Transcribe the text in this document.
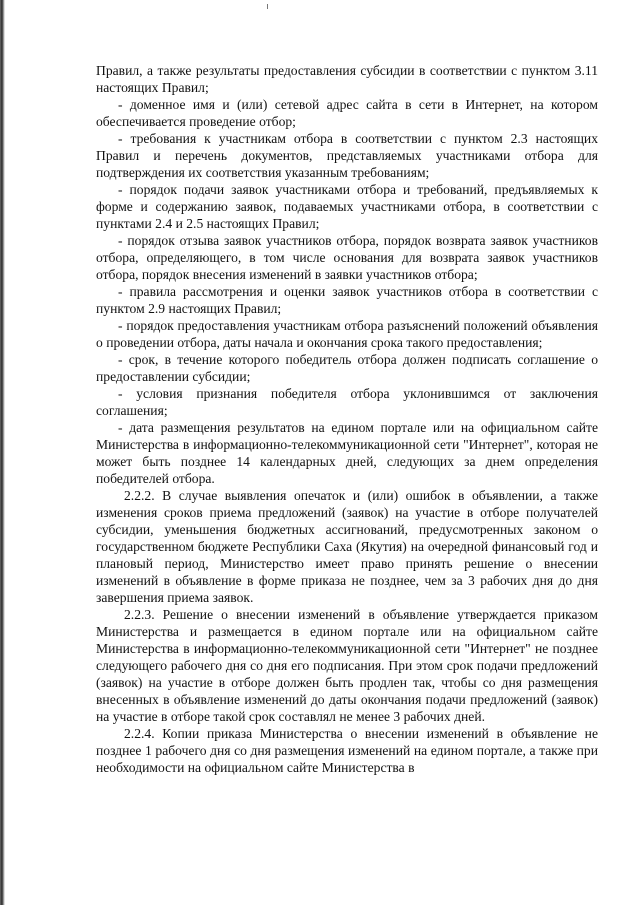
Правил, а также результаты предоставления субсидии в соответствии с пунктом 3.11 настоящих Правил;

- доменное имя и (или) сетевой адрес сайта в сети в Интернет, на котором обеспечивается проведение отбор;

- требования к участникам отбора в соответствии с пунктом 2.3 настоящих Правил и перечень документов, представляемых участниками отбора для подтверждения их соответствия указанным требованиям;

- порядок подачи заявок участниками отбора и требований, предъявляемых к форме и содержанию заявок, подаваемых участниками отбора, в соответствии с пунктами 2.4 и 2.5 настоящих Правил;

- порядок отзыва заявок участников отбора, порядок возврата заявок участников отбора, определяющего, в том числе основания для возврата заявок участников отбора, порядок внесения изменений в заявки участников отбора;

- правила рассмотрения и оценки заявок участников отбора в соответствии с пунктом 2.9 настоящих Правил;

- порядок предоставления участникам отбора разъяснений положений объявления о проведении отбора, даты начала и окончания срока такого предоставления;

- срок, в течение которого победитель отбора должен подписать соглашение о предоставлении субсидии;

- условия признания победителя отбора уклонившимся от заключения соглашения;

- дата размещения результатов на едином портале или на официальном сайте Министерства в информационно-телекоммуникационной сети "Интернет", которая не может быть позднее 14 календарных дней, следующих за днем определения победителей отбора.

2.2.2. В случае выявления опечаток и (или) ошибок в объявлении, а также изменения сроков приема предложений (заявок) на участие в отборе получателей субсидии, уменьшения бюджетных ассигнований, предусмотренных законом о государственном бюджете Республики Саха (Якутия) на очередной финансовый год и плановый период, Министерство имеет право принять решение о внесении изменений в объявление в форме приказа не позднее, чем за 3 рабочих дня до дня завершения приема заявок.

2.2.3. Решение о внесении изменений в объявление утверждается приказом Министерства и размещается в едином портале или на официальном сайте Министерства в информационно-телекоммуникационной сети "Интернет" не позднее следующего рабочего дня со дня его подписания. При этом срок подачи предложений (заявок) на участие в отборе должен быть продлен так, чтобы со дня размещения внесенных в объявление изменений до даты окончания подачи предложений (заявок) на участие в отборе такой срок составлял не менее 3 рабочих дней.

2.2.4. Копии приказа Министерства о внесении изменений в объявление не позднее 1 рабочего дня со дня размещения изменений на едином портале, а также при необходимости на официальном сайте Министерства в
